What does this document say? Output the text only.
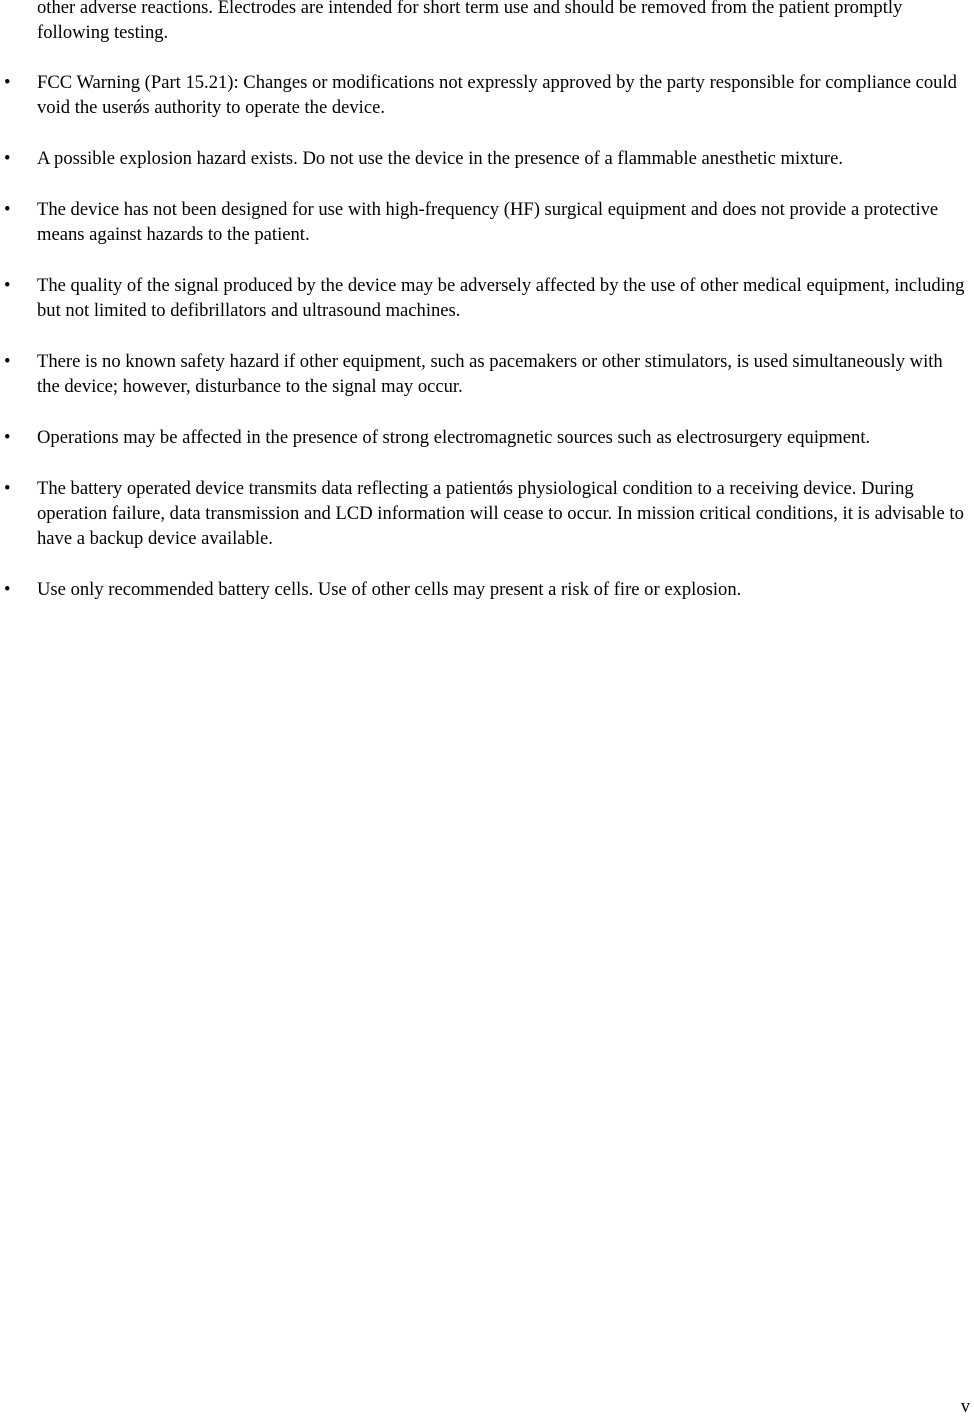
other adverse reactions. Electrodes are intended for short term use and should be removed from the patient promptly following testing.

•	FCC Warning (Part 15.21): Changes or modifications not expressly approved by the party responsible for compliance could void the userǿs authority to operate the device.
•	A possible explosion hazard exists. Do not use the device in the presence of a flammable anesthetic mixture.
•	The device has not been designed for use with high-frequency (HF) surgical equipment and does not provide a protective means against hazards to the patient.
•	The quality of the signal produced by the device may be adversely affected by the use of other medical equipment, including but not limited to defibrillators and ultrasound machines.
•	There is no known safety hazard if other equipment, such as pacemakers or other stimulators, is used simultaneously with the device; however, disturbance to the signal may occur.
•	Operations may be affected in the presence of strong electromagnetic sources such as electrosurgery equipment.
•	The battery operated device transmits data reflecting a patientǿs physiological condition to a receiving device. During operation failure, data transmission and LCD information will cease to occur. In mission critical conditions, it is advisable to have a backup device available.
•	Use only recommended battery cells. Use of other cells may present a risk of fire or explosion.
v
